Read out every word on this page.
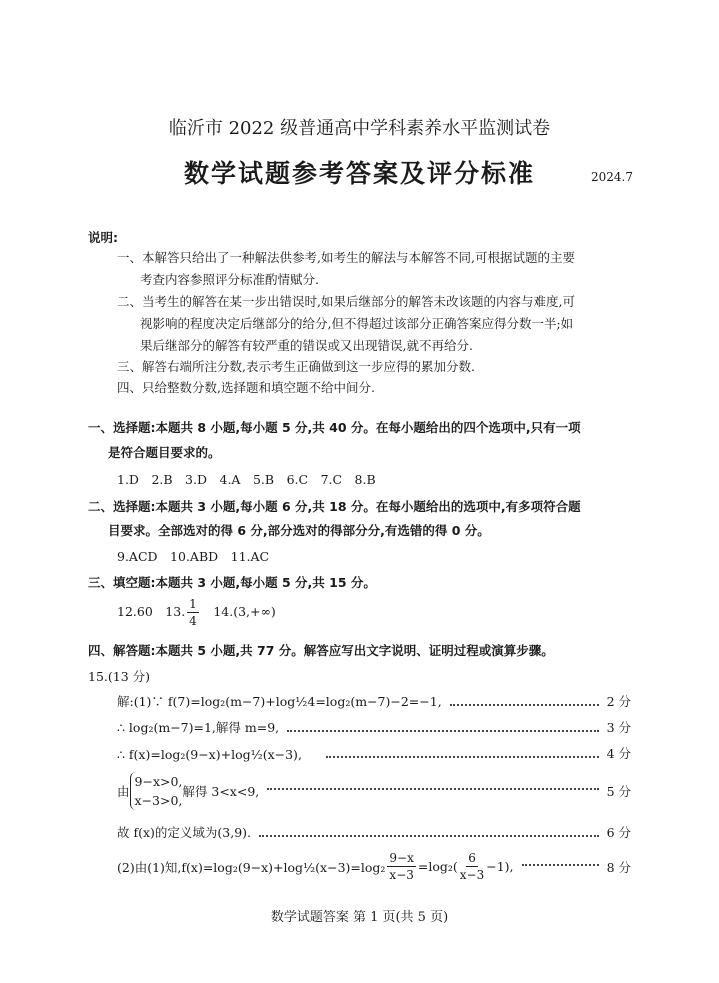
临沂市 2022 级普通高中学科素养水平监测试卷
数学试题参考答案及评分标准	2024.7
说明:
一、本解答只给出了一种解法供参考,如考生的解法与本解答不同,可根据试题的主要
考查内容参照评分标准酌情赋分.
二、当考生的解答在某一步出错误时,如果后继部分的解答未改该题的内容与难度,可
视影响的程度决定后继部分的给分,但不得超过该部分正确答案应得分数一半;如
果后继部分的解答有较严重的错误或又出现错误,就不再给分.
三、解答右端所注分数,表示考生正确做到这一步应得的累加分数.
四、只给整数分数,选择题和填空题不给中间分.
一、选择题:本题共 8 小题,每小题 5 分,共 40 分。在每小题给出的四个选项中,只有一项
是符合题目要求的。
1.D　2.B　3.D　4.A　5.B　6.C　7.C　8.B
二、选择题:本题共 3 小题,每小题 6 分,共 18 分。在每小题给出的选项中,有多项符合题
目要求。全部选对的得 6 分,部分选对的得部分分,有选错的得 0 分。
9.ACD　10.ABD　11.AC
三、填空题:本题共 3 小题,每小题 5 分,共 15 分。
12.60　13. $\frac{1}{4}$ 　14.(3,+∞)
四、解答题:本题共 5 小题,共 77 分。解答应写出文字说明、证明过程或演算步骤。
15.(13 分)
解:(1)∵ f(7)=log₂(m−7)+log½4=log₂(m−7)−2=−1,	2 分
∴ log₂(m−7)=1,解得 m=9,	3 分
∴ f(x)=log₂(9−x)+log½(x−3),	4 分
由
9−x>0,
x−3>0,
解得 3<x<9,	5 分
故 f(x)的定义域为(3,9).	6 分
(2)由(1)知,f(x)=log₂(9−x)+log½(x−3)=log₂ $\frac{9-x}{x-3} =\log_2( \frac{6}{x-3} -1)$,	8 分
数学试题答案 第 1 页(共 5 页)
